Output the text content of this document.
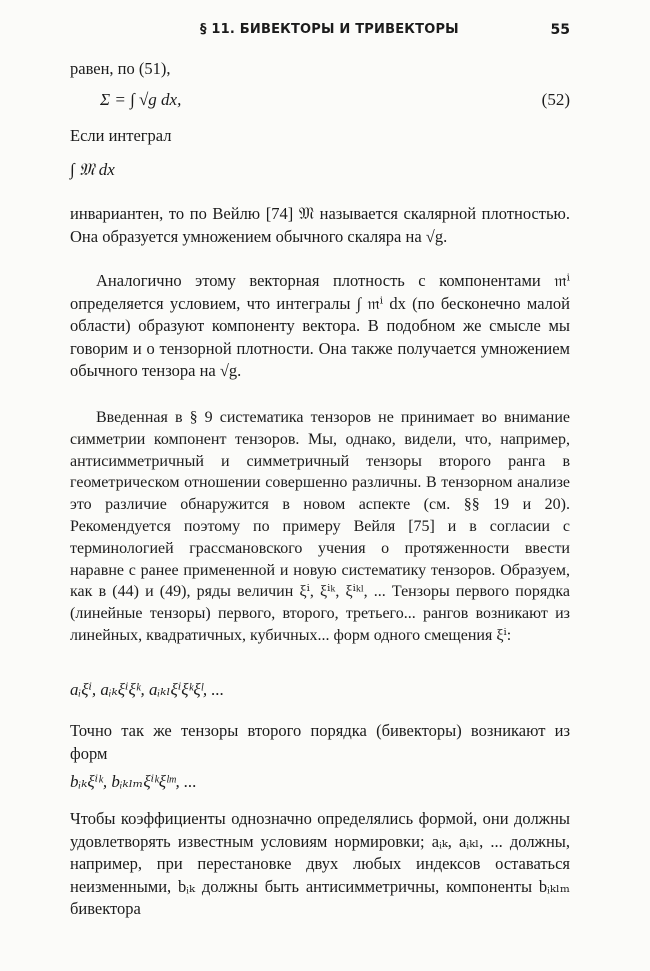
§ 11. БИВЕКТОРЫ И ТРИВЕКТОРЫ	55

равен, по (51),

Σ = ∫ √g dx,	(52)

Если интеграл

∫ 𝔐 dx

инвариантен, то по Вейлю [74] 𝔐 называется скалярной плотностью. Она образуется умножением обычного скаляра на √g.

Аналогично этому векторная плотность с компонентами 𝔪ⁱ определяется условием, что интегралы ∫ 𝔪ⁱ dx (по бесконечно малой области) образуют компоненту вектора. В подобном же смысле мы говорим и о тензорной плотности. Она также получается умножением обычного тензора на √g.

Введенная в § 9 систематика тензоров не принимает во внимание симметрии компонент тензоров. Мы, однако, видели, что, например, антисимметричный и симметричный тензоры второго ранга в геометрическом отношении совершенно различны. В тензорном анализе это различие обнаружится в новом аспекте (см. §§ 19 и 20). Рекомендуется поэтому по примеру Вейля [75] и в согласии с терминологией грассмановского учения о протяженности ввести наравне с ранее примененной и новую систематику тензоров. Образуем, как в (44) и (49), ряды величин ξⁱ, ξⁱᵏ, ξⁱᵏˡ, ... Тензоры первого порядка (линейные тензоры) первого, второго, третьего... рангов возникают из линейных, квадратичных, кубичных... форм одного смещения ξⁱ:

aᵢξⁱ, aᵢₖξⁱξᵏ, aᵢₖₗξⁱξᵏξˡ, ...

Точно так же тензоры второго порядка (бивекторы) возникают из форм

bᵢₖξⁱᵏ, bᵢₖₗₘξⁱᵏξˡᵐ, ...

Чтобы коэффициенты однозначно определялись формой, они должны удовлетворять известным условиям нормировки; aᵢₖ, aᵢₖₗ, ... должны, например, при перестановке двух любых индексов оставаться неизменными, bᵢₖ должны быть антисимметричны, компоненты bᵢₖₗₘ бивектора
